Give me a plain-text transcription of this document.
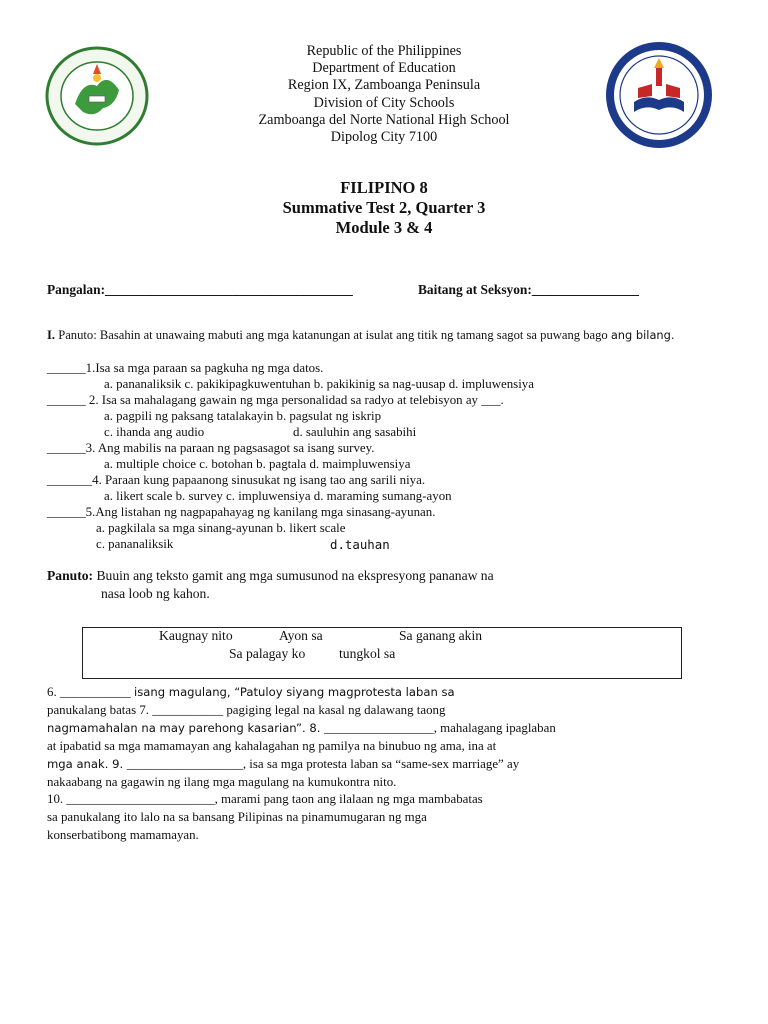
Republic of the Philippines
Department of Education
Region IX, Zamboanga Peninsula
Division of City Schools
Zamboanga del Norte National High School
Dipolog City 7100
FILIPINO 8
Summative Test 2, Quarter 3
Module 3 & 4
Pangalan:_____________________________________	Baitang at Seksyon:________________
I. Panuto: Basahin at unawaing mabuti ang mga katanungan at isulat ang titik ng tamang sagot sa puwang bago ang bilang.
______1.Isa sa mga paraan sa pagkuha ng mga datos.
a. pananaliksik c. pakikipagkuwentuhan b. pakikinig sa nag-uusap d. impluwensiya
______ 2. Isa sa mahalagang gawain ng mga personalidad sa radyo at telebisyon ay ___.
a. pagpili ng paksang tatalakayin b. pagsulat ng iskrip
c. ihanda ang audio	d. sauluhin ang sasabihi
______3. Ang mabilis na paraan ng pagsasagot sa isang survey.
a. multiple choice c. botohan b. pagtala d. maimpluwensiya
_______4. Paraan kung papaanong sinusukat ng isang tao ang sarili niya.
a. likert scale b. survey c. impluwensiya d. maraming sumang-ayon
______5.Ang listahan ng nagpapahayag ng kanilang mga sinasang-ayunan.
a. pagkilala sa mga sinang-ayunan b. likert scale
c. pananaliksik	d.tauhan
Panuto: Buuin ang teksto gamit ang mga sumusunod na ekspresyong pananaw na
nasa loob ng kahon.
Kaugnay nito	Ayon sa	Sa ganang akin
Sa palagay ko tungkol sa
6. ___________ isang magulang, “Patuloy siyang magprotesta laban sa
panukalang batas 7. ___________ pagiging legal na kasal ng dalawang taong
nagmamahalan na may parehong kasarian”. 8. _________________, mahalagang ipaglaban
at ipabatid sa mga mamamayan ang kahalagahan ng pamilya na binubuo ng ama, ina at
mga anak. 9. __________________, isa sa mga protesta laban sa “same-sex marriage” ay
nakaabang na gagawin ng ilang mga magulang na kumukontra nito.
10. _______________________, marami pang taon ang ilalaan ng mga mambabatas
sa panukalang ito lalo na sa bansang Pilipinas na pinamumugaran ng mga
konserbatibong mamamayan.
